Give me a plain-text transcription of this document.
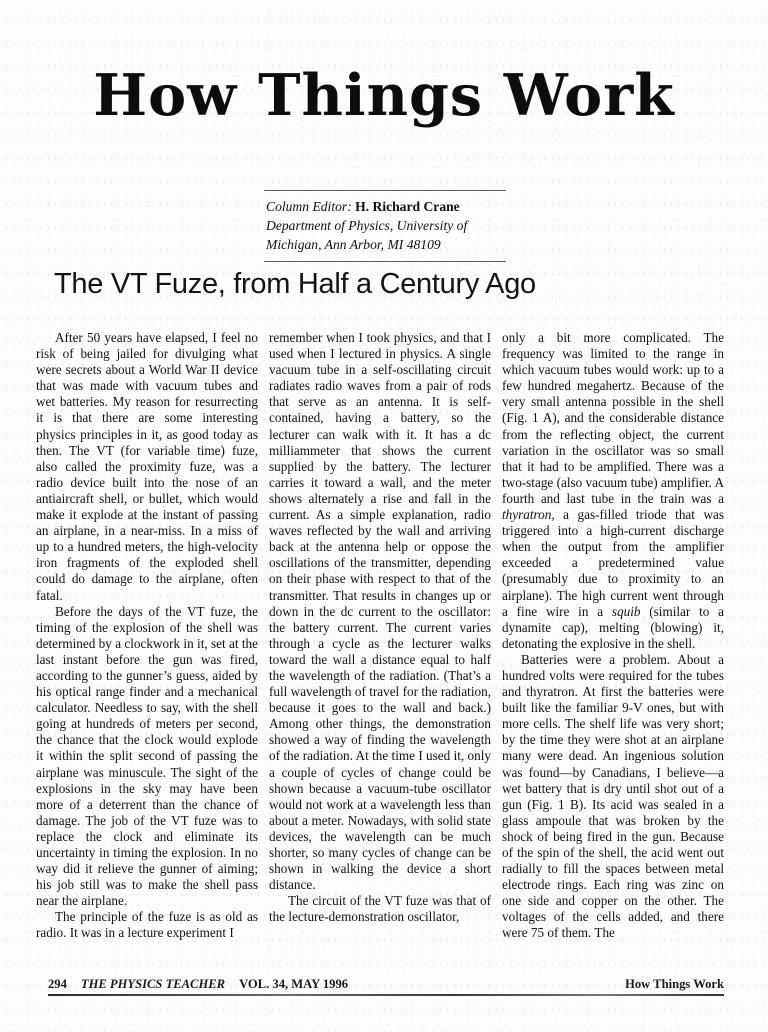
How Things Work

Column Editor: H. Richard Crane

Department of Physics, University of

Michigan, Ann Arbor, MI 48109

The VT Fuze, from Half a Century Ago

After 50 years have elapsed, I feel no risk of being jailed for divulging what were secrets about a World War II device that was made with vacuum tubes and wet batteries. My reason for resurrecting it is that there are some interesting physics principles in it, as good today as then. The VT (for variable time) fuze, also called the proximity fuze, was a radio device built into the nose of an antiaircraft shell, or bullet, which would make it explode at the instant of passing an airplane, in a near-miss. In a miss of up to a hundred meters, the high-velocity iron fragments of the exploded shell could do damage to the airplane, often fatal.

Before the days of the VT fuze, the timing of the explosion of the shell was determined by a clockwork in it, set at the last instant before the gun was fired, according to the gunner’s guess, aided by his optical range finder and a mechanical calculator. Needless to say, with the shell going at hundreds of meters per second, the chance that the clock would explode it within the split second of passing the airplane was minuscule. The sight of the explosions in the sky may have been more of a deterrent than the chance of damage. The job of the VT fuze was to replace the clock and eliminate its uncertainty in timing the explosion. In no way did it relieve the gunner of aiming; his job still was to make the shell pass near the airplane.

The principle of the fuze is as old as radio. It was in a lecture experiment I

remember when I took physics, and that I used when I lectured in physics. A single vacuum tube in a self-oscillating circuit radiates radio waves from a pair of rods that serve as an antenna. It is self-contained, having a battery, so the lecturer can walk with it. It has a dc milliammeter that shows the current supplied by the battery. The lecturer carries it toward a wall, and the meter shows alternately a rise and fall in the current. As a simple explanation, radio waves reflected by the wall and arriving back at the antenna help or oppose the oscillations of the transmitter, depending on their phase with respect to that of the transmitter. That results in changes up or down in the dc current to the oscillator: the battery current. The current varies through a cycle as the lecturer walks toward the wall a distance equal to half the wavelength of the radiation. (That’s a full wavelength of travel for the radiation, because it goes to the wall and back.) Among other things, the demonstration showed a way of finding the wavelength of the radiation. At the time I used it, only a couple of cycles of change could be shown because a vacuum-tube oscillator would not work at a wavelength less than about a meter. Nowadays, with solid state devices, the wavelength can be much shorter, so many cycles of change can be shown in walking the device a short distance.

The circuit of the VT fuze was that of the lecture-demonstration oscillator,

only a bit more complicated. The frequency was limited to the range in which vacuum tubes would work: up to a few hundred megahertz. Because of the very small antenna possible in the shell (Fig. 1 A), and the considerable distance from the reflecting object, the current variation in the oscillator was so small that it had to be amplified. There was a two-stage (also vacuum tube) amplifier. A fourth and last tube in the train was a thyratron, a gas-filled triode that was triggered into a high-current discharge when the output from the amplifier exceeded a predetermined value (presumably due to proximity to an airplane). The high current went through a fine wire in a squib (similar to a dynamite cap), melting (blowing) it, detonating the explosive in the shell.

Batteries were a problem. About a hundred volts were required for the tubes and thyratron. At first the batteries were built like the familiar 9-V ones, but with more cells. The shelf life was very short; by the time they were shot at an airplane many were dead. An ingenious solution was found—by Canadians, I believe—a wet battery that is dry until shot out of a gun (Fig. 1 B). Its acid was sealed in a glass ampoule that was broken by the shock of being fired in the gun. Because of the spin of the shell, the acid went out radially to fill the spaces between metal electrode rings. Each ring was zinc on one side and copper on the other. The voltages of the cells added, and there were 75 of them. The

294 THE PHYSICS TEACHER VOL. 34, MAY 1996	How Things Work
